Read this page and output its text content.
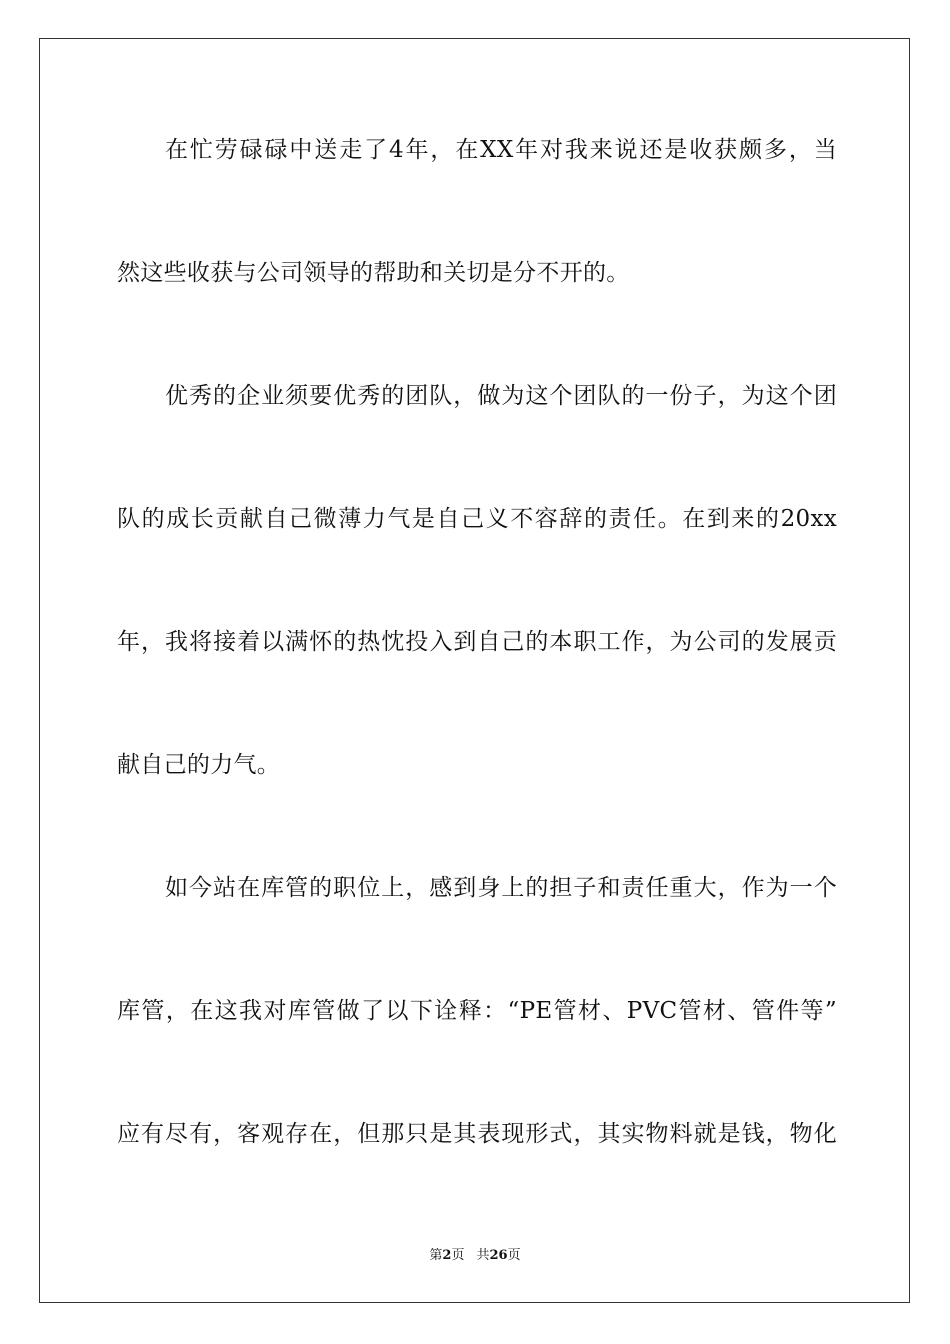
在忙劳碌碌中送走了4年，在XX年对我来说还是收获颇多，当
然这些收获与公司领导的帮助和关切是分不开的。
优秀的企业须要优秀的团队，做为这个团队的一份子，为这个团
队的成长贡献自己微薄力气是自己义不容辞的责任。在到来的20xx
年，我将接着以满怀的热忱投入到自己的本职工作，为公司的发展贡
献自己的力气。
如今站在库管的职位上，感到身上的担子和责任重大，作为一个
库管，在这我对库管做了以下诠释：“PE管材、PVC管材、管件等”
应有尽有，客观存在，但那只是其表现形式，其实物料就是钱，物化
第2页 共26页
